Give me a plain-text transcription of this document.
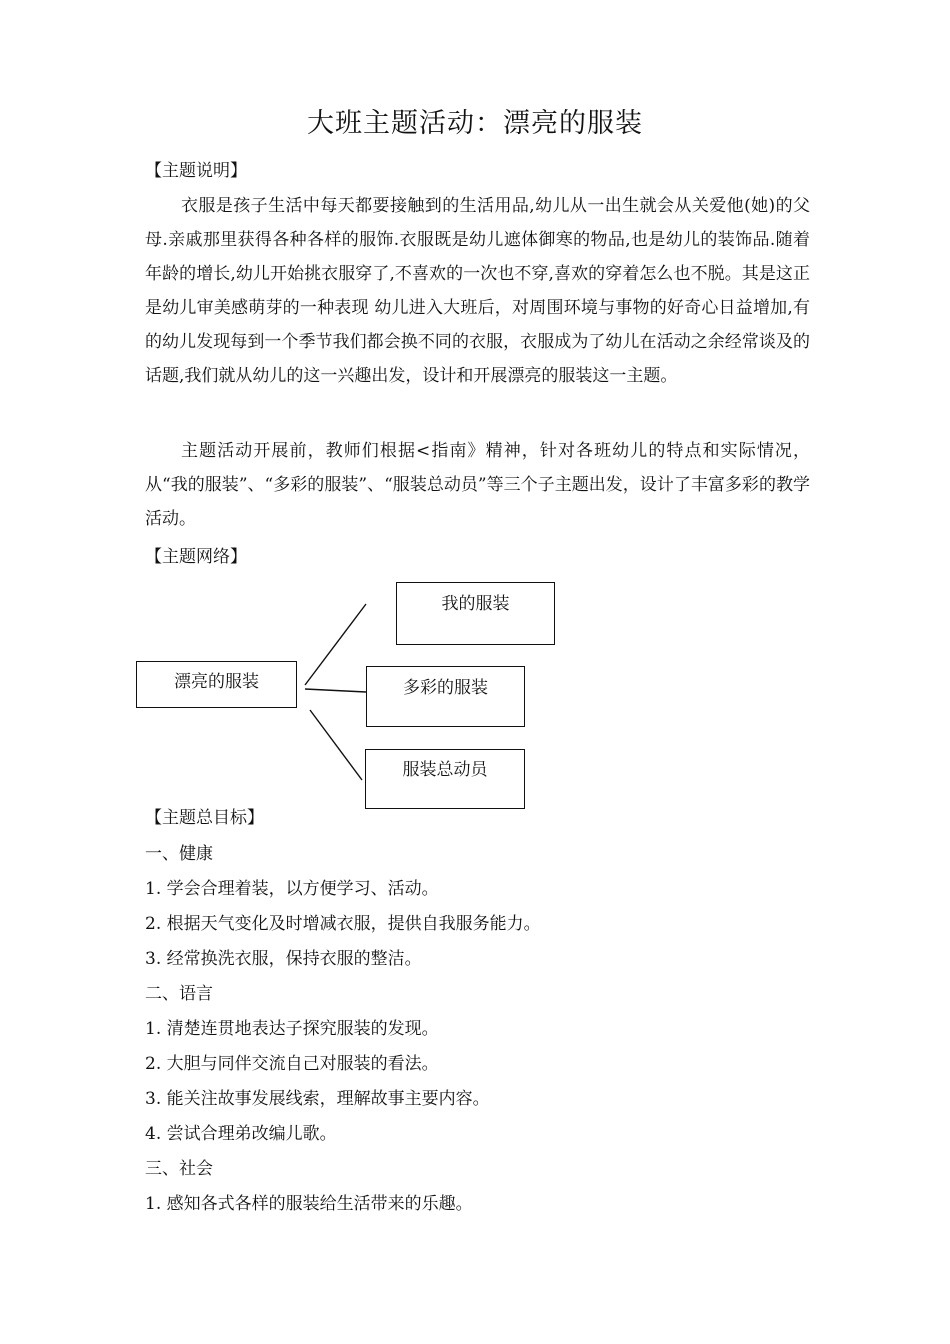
大班主题活动：漂亮的服装
【主题说明】
衣服是孩子生活中每天都要接触到的生活用品,幼儿从一出生就会从关爱他(她)的父母.亲戚那里获得各种各样的服饰.衣服既是幼儿遮体御寒的物品,也是幼儿的装饰品.随着年龄的增长,幼儿开始挑衣服穿了,不喜欢的一次也不穿,喜欢的穿着怎么也不脱。其是这正是幼儿审美感萌芽的一种表现 幼儿进入大班后，对周围环境与事物的好奇心日益增加,有的幼儿发现每到一个季节我们都会换不同的衣服，衣服成为了幼儿在活动之余经常谈及的话题,我们就从幼儿的这一兴趣出发，设计和开展漂亮的服装这一主题。
主题活动开展前，教师们根据<指南》精神，针对各班幼儿的特点和实际情况，从“我的服装”、“多彩的服装”、“服装总动员”等三个子主题出发，设计了丰富多彩的教学活动。
【主题网络】
漂亮的服装
我的服装
多彩的服装
服装总动员
【主题总目标】
一、健康
1. 学会合理着装，以方便学习、活动。
2. 根据天气变化及时增减衣服，提供自我服务能力。
3. 经常换洗衣服，保持衣服的整洁。
二、语言
1. 清楚连贯地表达子探究服装的发现。
2. 大胆与同伴交流自己对服装的看法。
3. 能关注故事发展线索，理解故事主要内容。
4. 尝试合理弟改编儿歌。
三、社会
1. 感知各式各样的服装给生活带来的乐趣。
